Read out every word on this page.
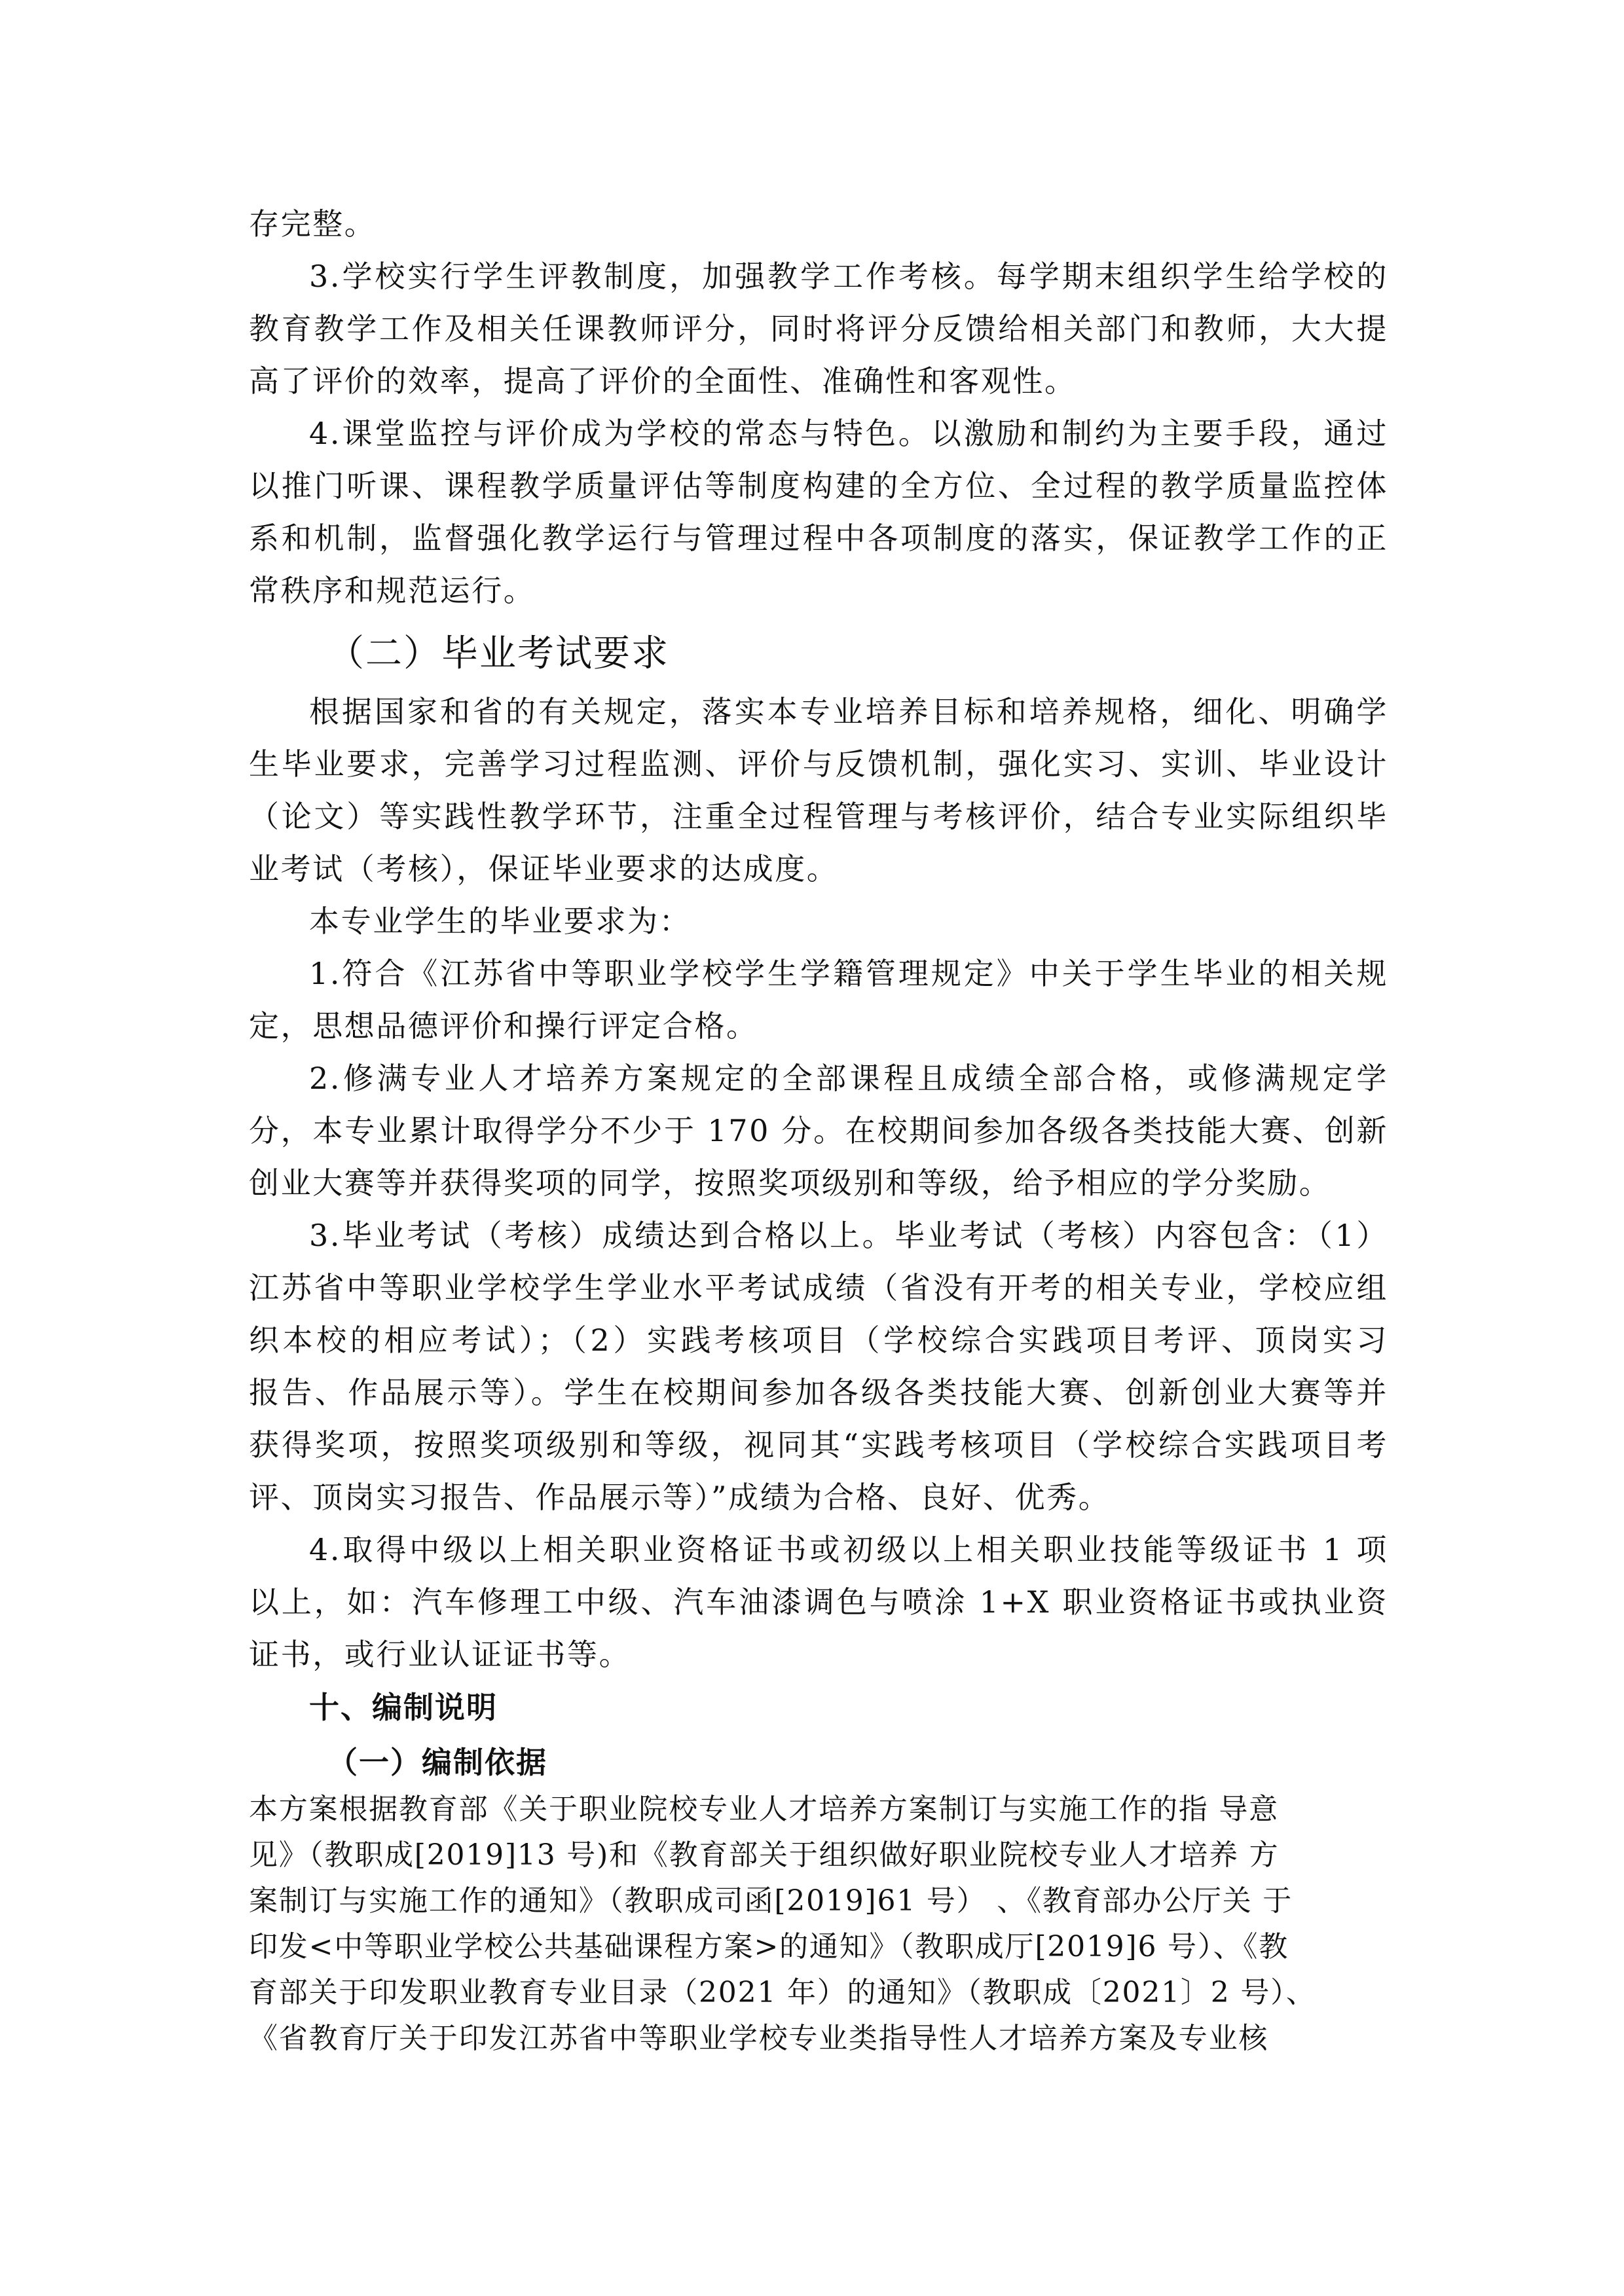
存完整。
3.学校实行学生评教制度，加强教学工作考核。每学期末组织学生给学校的
教育教学工作及相关任课教师评分，同时将评分反馈给相关部门和教师，大大提
高了评价的效率，提高了评价的全面性、准确性和客观性。
4.课堂监控与评价成为学校的常态与特色。以激励和制约为主要手段，通过
以推门听课、课程教学质量评估等制度构建的全方位、全过程的教学质量监控体
系和机制，监督强化教学运行与管理过程中各项制度的落实，保证教学工作的正
常秩序和规范运行。
（二）毕业考试要求
根据国家和省的有关规定，落实本专业培养目标和培养规格，细化、明确学
生毕业要求，完善学习过程监测、评价与反馈机制，强化实习、实训、毕业设计
（论文）等实践性教学环节，注重全过程管理与考核评价，结合专业实际组织毕
业考试（考核），保证毕业要求的达成度。
本专业学生的毕业要求为：
1.符合《江苏省中等职业学校学生学籍管理规定》中关于学生毕业的相关规
定，思想品德评价和操行评定合格。
2.修满专业人才培养方案规定的全部课程且成绩全部合格，或修满规定学
分，本专业累计取得学分不少于 170 分。在校期间参加各级各类技能大赛、创新
创业大赛等并获得奖项的同学，按照奖项级别和等级，给予相应的学分奖励。
3.毕业考试（考核）成绩达到合格以上。毕业考试（考核）内容包含：（1）
江苏省中等职业学校学生学业水平考试成绩（省没有开考的相关专业，学校应组
织本校的相应考试）；（2）实践考核项目（学校综合实践项目考评、顶岗实习
报告、作品展示等）。学生在校期间参加各级各类技能大赛、创新创业大赛等并
获得奖项，按照奖项级别和等级，视同其“实践考核项目（学校综合实践项目考
评、顶岗实习报告、作品展示等）”成绩为合格、良好、优秀。
4.取得中级以上相关职业资格证书或初级以上相关职业技能等级证书 1 项
以上，如：汽车修理工中级、汽车油漆调色与喷涂 1+X 职业资格证书或执业资
证书，或行业认证证书等。
十、编制说明
（一）编制依据
本方案根据教育部《关于职业院校专业人才培养方案制订与实施工作的指 导意
见》（教职成[2019]13 号)和《教育部关于组织做好职业院校专业人才培养 方
案制订与实施工作的通知》（教职成司函[2019]61 号） 、《教育部办公厅关 于
印发<中等职业学校公共基础课程方案>的通知》（教职成厅[2019]6 号）、《教
育部关于印发职业教育专业目录（2021 年）的通知》（教职成〔2021〕2 号）、
《省教育厅关于印发江苏省中等职业学校专业类指导性人才培养方案及专业核
